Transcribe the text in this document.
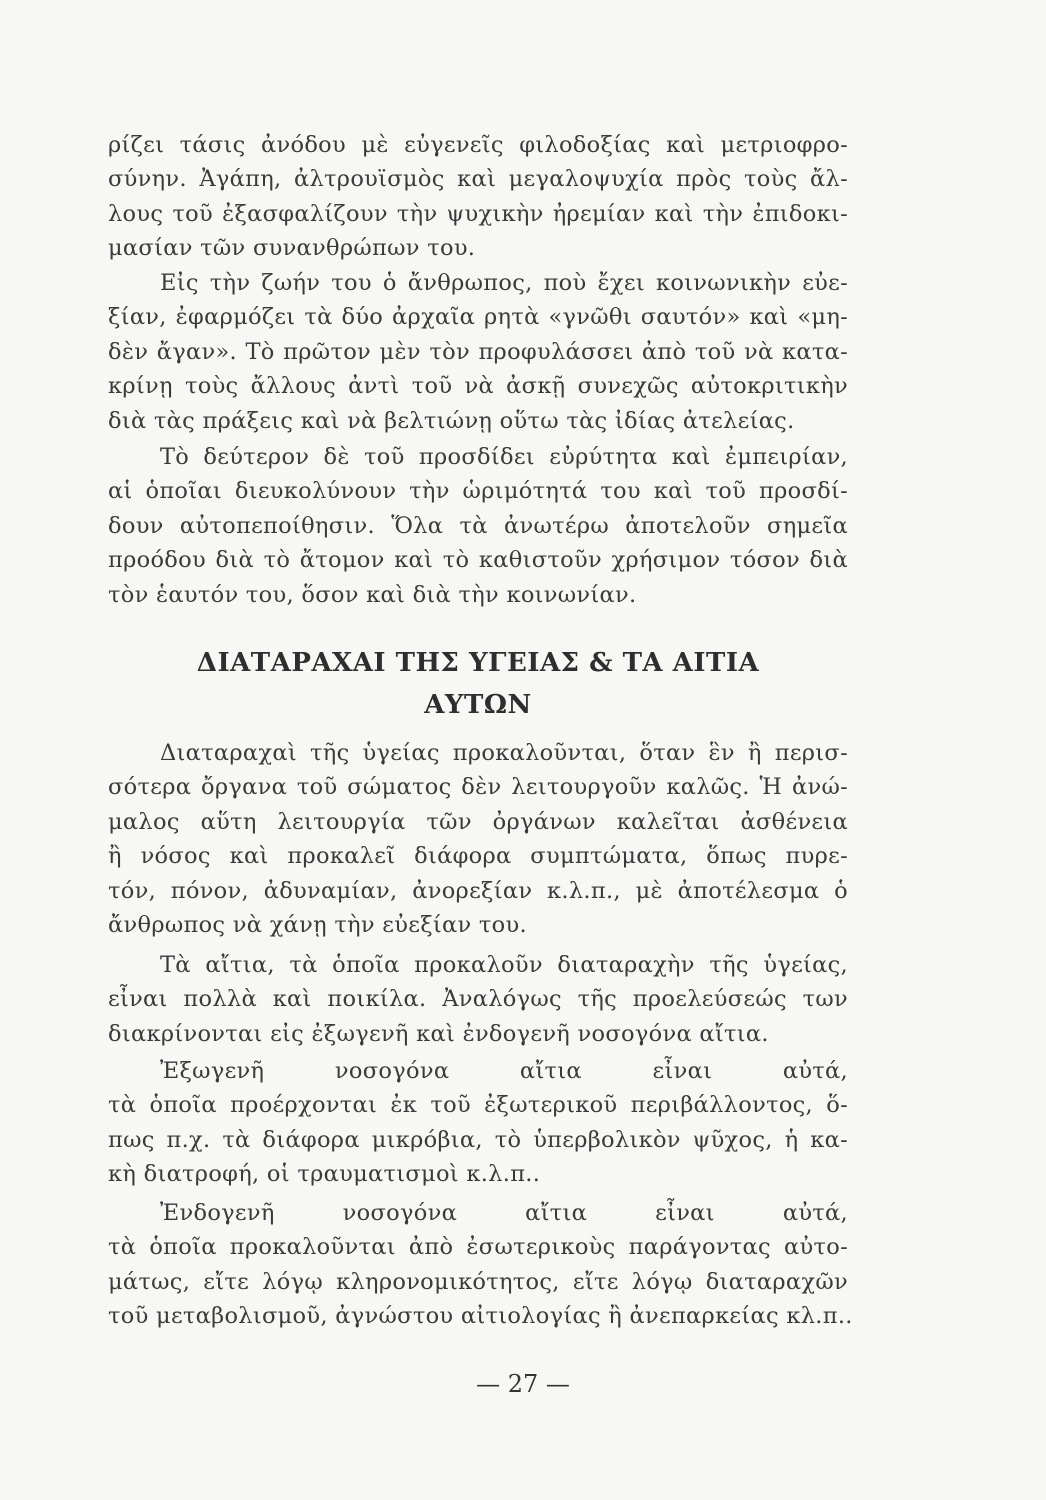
ρίζει τάσις ἀνόδου μὲ εὐγενεῖς φιλοδοξίας καὶ μετριοφρο-
σύνην. Ἀγάπη, ἀλτρουϊσμὸς καὶ μεγαλοψυχία πρὸς τοὺς ἄλ-
λους τοῦ ἐξασφαλίζουν τὴν ψυχικὴν ἠρεμίαν καὶ τὴν ἐπιδοκι-
μασίαν τῶν συνανθρώπων του.
Εἰς τὴν ζωήν του ὁ ἄνθρωπος, ποὺ ἔχει κοινωνικὴν εὐε-
ξίαν, ἐφαρμόζει τὰ δύο ἀρχαῖα ρητὰ «γνῶθι σαυτόν» καὶ «μη-
δὲν ἄγαν». Τὸ πρῶτον μὲν τὸν προφυλάσσει ἀπὸ τοῦ νὰ κατα-
κρίνῃ τοὺς ἄλλους ἀντὶ τοῦ νὰ ἀσκῇ συνεχῶς αὐτοκριτικὴν
διὰ τὰς πράξεις καὶ νὰ βελτιώνῃ οὕτω τὰς ἰδίας ἀτελείας.
Τὸ δεύτερον δὲ τοῦ προσδίδει εὐρύτητα καὶ ἐμπειρίαν,
αἱ ὁποῖαι διευκολύνουν τὴν ὡριμότητά του καὶ τοῦ προσδί-
δουν αὐτοπεποίθησιν. Ὅλα τὰ ἀνωτέρω ἀποτελοῦν σημεῖα
προόδου διὰ τὸ ἄτομον καὶ τὸ καθιστοῦν χρήσιμον τόσον διὰ
τὸν ἑαυτόν του, ὅσον καὶ διὰ τὴν κοινωνίαν.
ΔΙΑΤΑΡΑΧΑΙ ΤΗΣ ΥΓΕΙΑΣ & ΤΑ ΑΙΤΙΑ
ΑΥΤΩΝ
Διαταραχαὶ τῆς ὑγείας προκαλοῦνται, ὅταν ἓν ἢ περισ-
σότερα ὄργανα τοῦ σώματος δὲν λειτουργοῦν καλῶς. Ἡ ἀνώ-
μαλος αὕτη λειτουργία τῶν ὀργάνων καλεῖται ἀσθένεια
ἢ νόσος καὶ προκαλεῖ διάφορα συμπτώματα, ὅπως πυρε-
τόν, πόνον, ἀδυναμίαν, ἀνορεξίαν κ.λ.π., μὲ ἀποτέλεσμα ὁ
ἄνθρωπος νὰ χάνῃ τὴν εὐεξίαν του.
Τὰ αἴτια, τὰ ὁποῖα προκαλοῦν διαταραχὴν τῆς ὑγείας,
εἶναι πολλὰ καὶ ποικίλα. Ἀναλόγως τῆς προελεύσεώς των
διακρίνονται εἰς ἐξωγενῆ καὶ ἐνδογενῆ νοσογόνα αἴτια.
Ἐξωγενῆ νοσογόνα αἴτια εἶναι αὐτά,
τὰ ὁποῖα προέρχονται ἐκ τοῦ ἐξωτερικοῦ περιβάλλοντος, ὅ-
πως π.χ. τὰ διάφορα μικρόβια, τὸ ὑπερβολικὸν ψῦχος, ἡ κα-
κὴ διατροφή, οἱ τραυματισμοὶ κ.λ.π..
Ἐνδογενῆ νοσογόνα αἴτια εἶναι αὐτά,
τὰ ὁποῖα προκαλοῦνται ἀπὸ ἐσωτερικοὺς παράγοντας αὐτο-
μάτως, εἴτε λόγῳ κληρονομικότητος, εἴτε λόγῳ διαταραχῶν
τοῦ μεταβολισμοῦ, ἀγνώστου αἰτιολογίας ἢ ἀνεπαρκείας κλ.π..
— 27 —
